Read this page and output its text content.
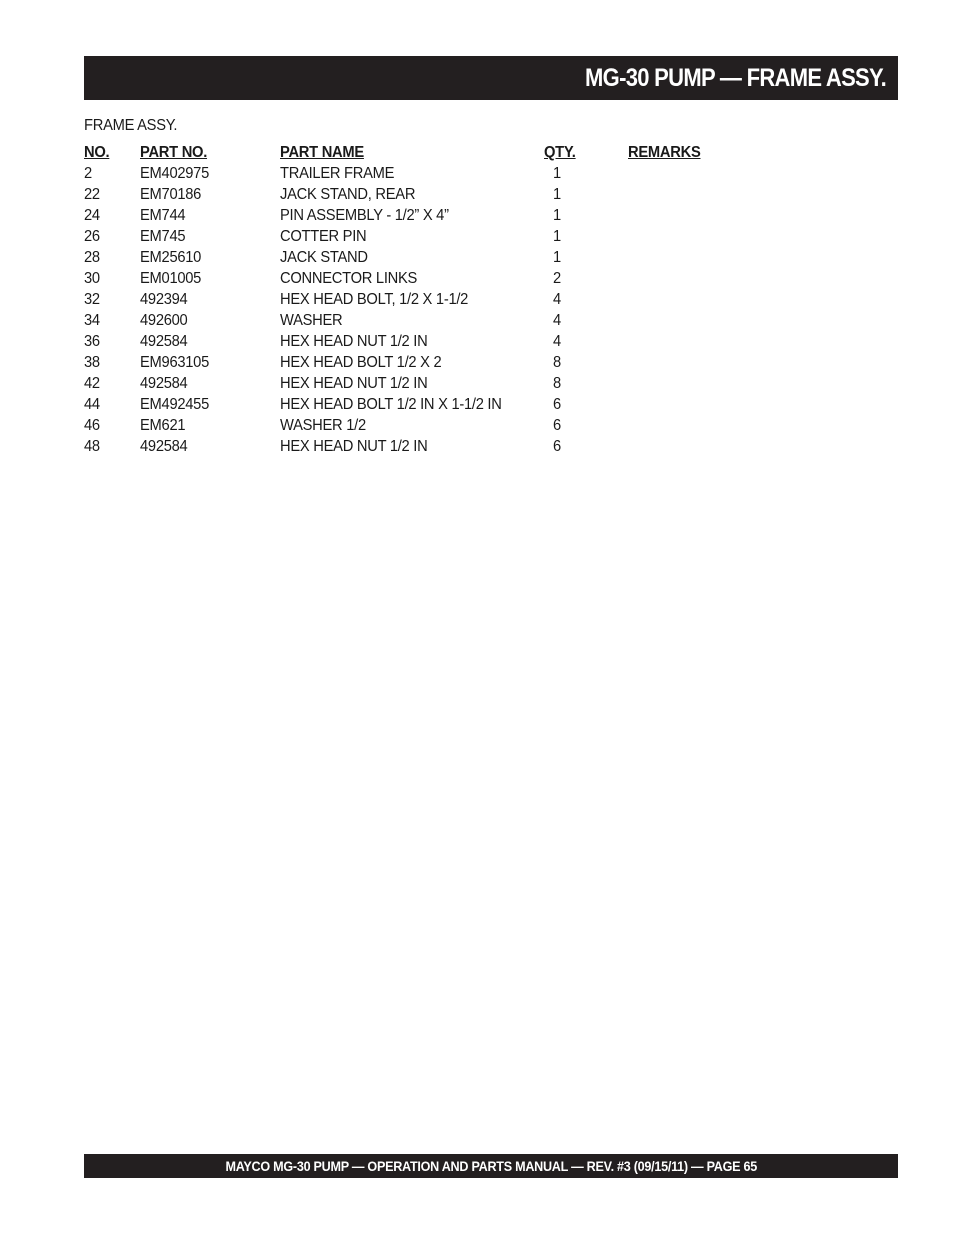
MG-30 PUMP — FRAME ASSY.
FRAME ASSY.
NO. PART NO.	PART NAME	QTY.	REMARKS
2	EM402975	TRAILER FRAME	1
22	EM70186	JACK STAND, REAR	1
24	EM744	PIN ASSEMBLY - 1/2” X 4”	1
26	EM745	COTTER PIN	1
28	EM25610	JACK STAND	1
30	EM01005	CONNECTOR LINKS	2
32	492394	HEX HEAD BOLT, 1/2 X 1-1/2	4
34	492600	WASHER	4
36	492584	HEX HEAD NUT 1/2 IN	4
38	EM963105	HEX HEAD BOLT 1/2 X 2	8
42	492584	HEX HEAD NUT 1/2 IN	8
44	EM492455	HEX HEAD BOLT 1/2 IN X 1-1/2 IN	6
46	EM621	WASHER 1/2	6
48	492584	HEX HEAD NUT 1/2 IN	6
MAYCO MG-30 PUMP — OPERATION AND PARTS MANUAL — REV. #3 (09/15/11) — PAGE 65
